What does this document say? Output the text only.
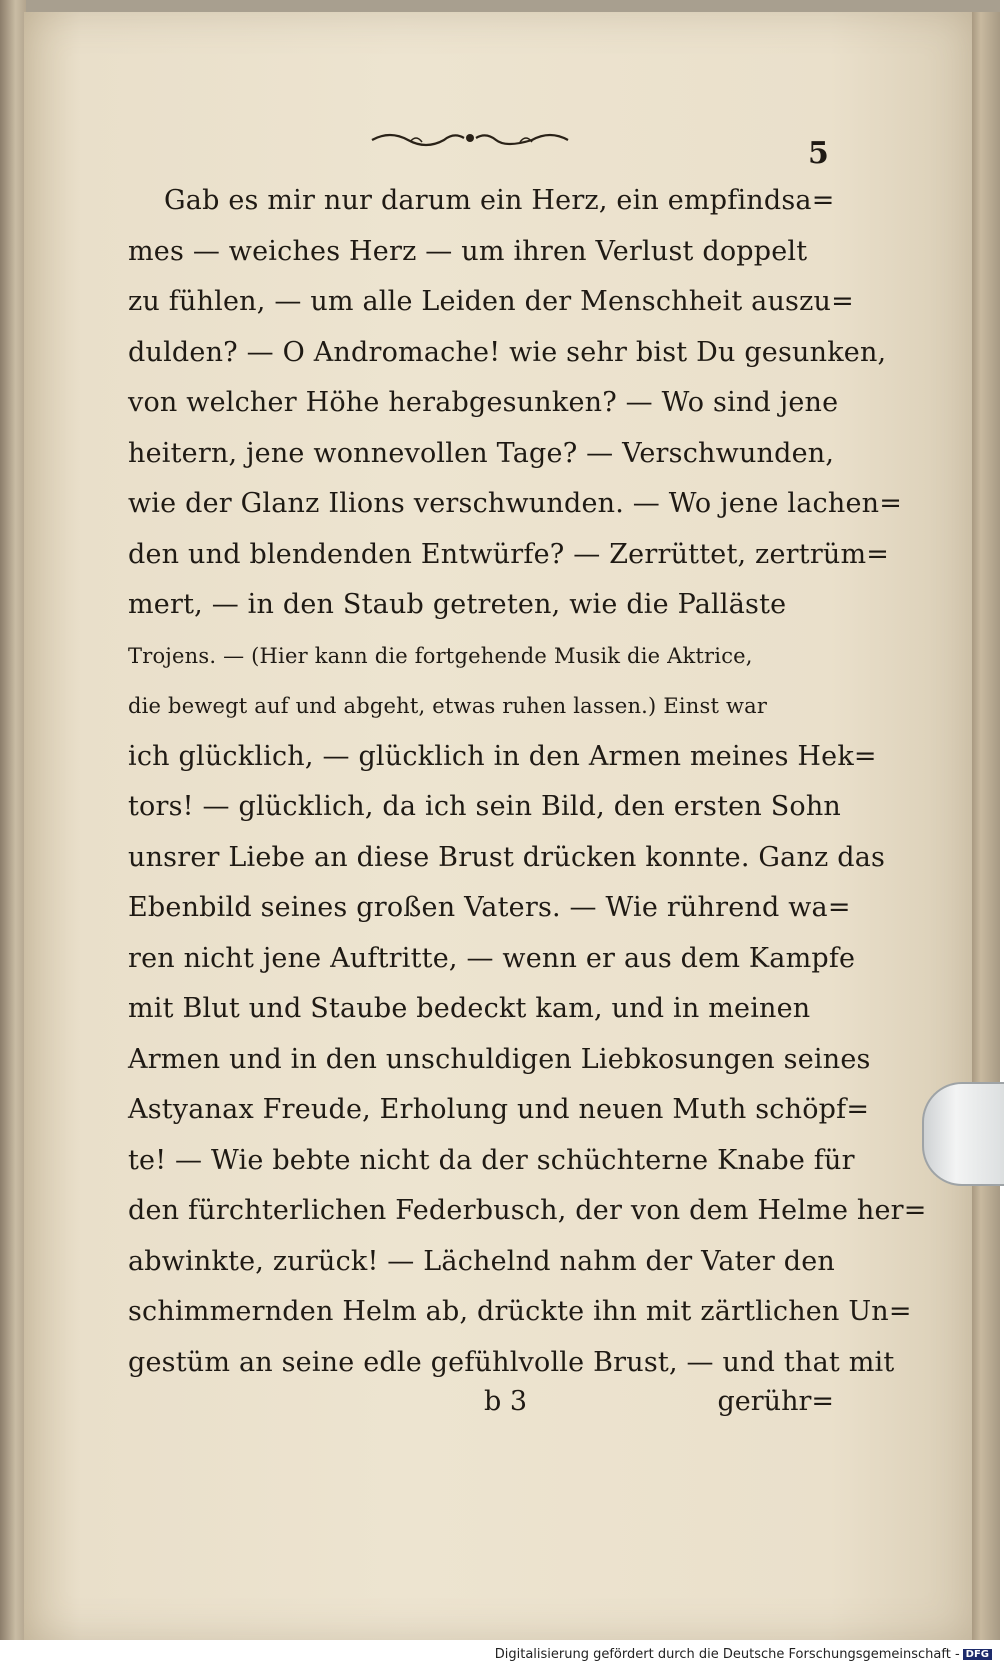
5
Gab es mir nur darum ein Herz, ein empfindsa=
mes — weiches Herz — um ihren Verlust doppelt
zu fühlen, — um alle Leiden der Menschheit auszu=
dulden? — O Andromache! wie sehr bist Du gesunken,
von welcher Höhe herabgesunken? — Wo sind jene
heitern, jene wonnevollen Tage? — Verschwunden,
wie der Glanz Ilions verschwunden. — Wo jene lachen=
den und blendenden Entwürfe? — Zerrüttet, zertrüm=
mert, — in den Staub getreten, wie die Palläste
Trojens. — (Hier kann die fortgehende Musik die Aktrice,
die bewegt auf und abgeht, etwas ruhen lassen.) Einst war
ich glücklich, — glücklich in den Armen meines Hek=
tors! — glücklich, da ich sein Bild, den ersten Sohn
unsrer Liebe an diese Brust drücken konnte. Ganz das
Ebenbild seines großen Vaters. — Wie rührend wa=
ren nicht jene Auftritte, — wenn er aus dem Kampfe
mit Blut und Staube bedeckt kam, und in meinen
Armen und in den unschuldigen Liebkosungen seines
Astyanax Freude, Erholung und neuen Muth schöpf=
te! — Wie bebte nicht da der schüchterne Knabe für
den fürchterlichen Federbusch, der von dem Helme her=
abwinkte, zurück! — Lächelnd nahm der Vater den
schimmernden Helm ab, drückte ihn mit zärtlichen Un=
gestüm an seine edle gefühlvolle Brust, — und that mit
b 3	gerühr=
Digitalisierung gefördert durch die Deutsche Forschungsgemeinschaft - DFG
